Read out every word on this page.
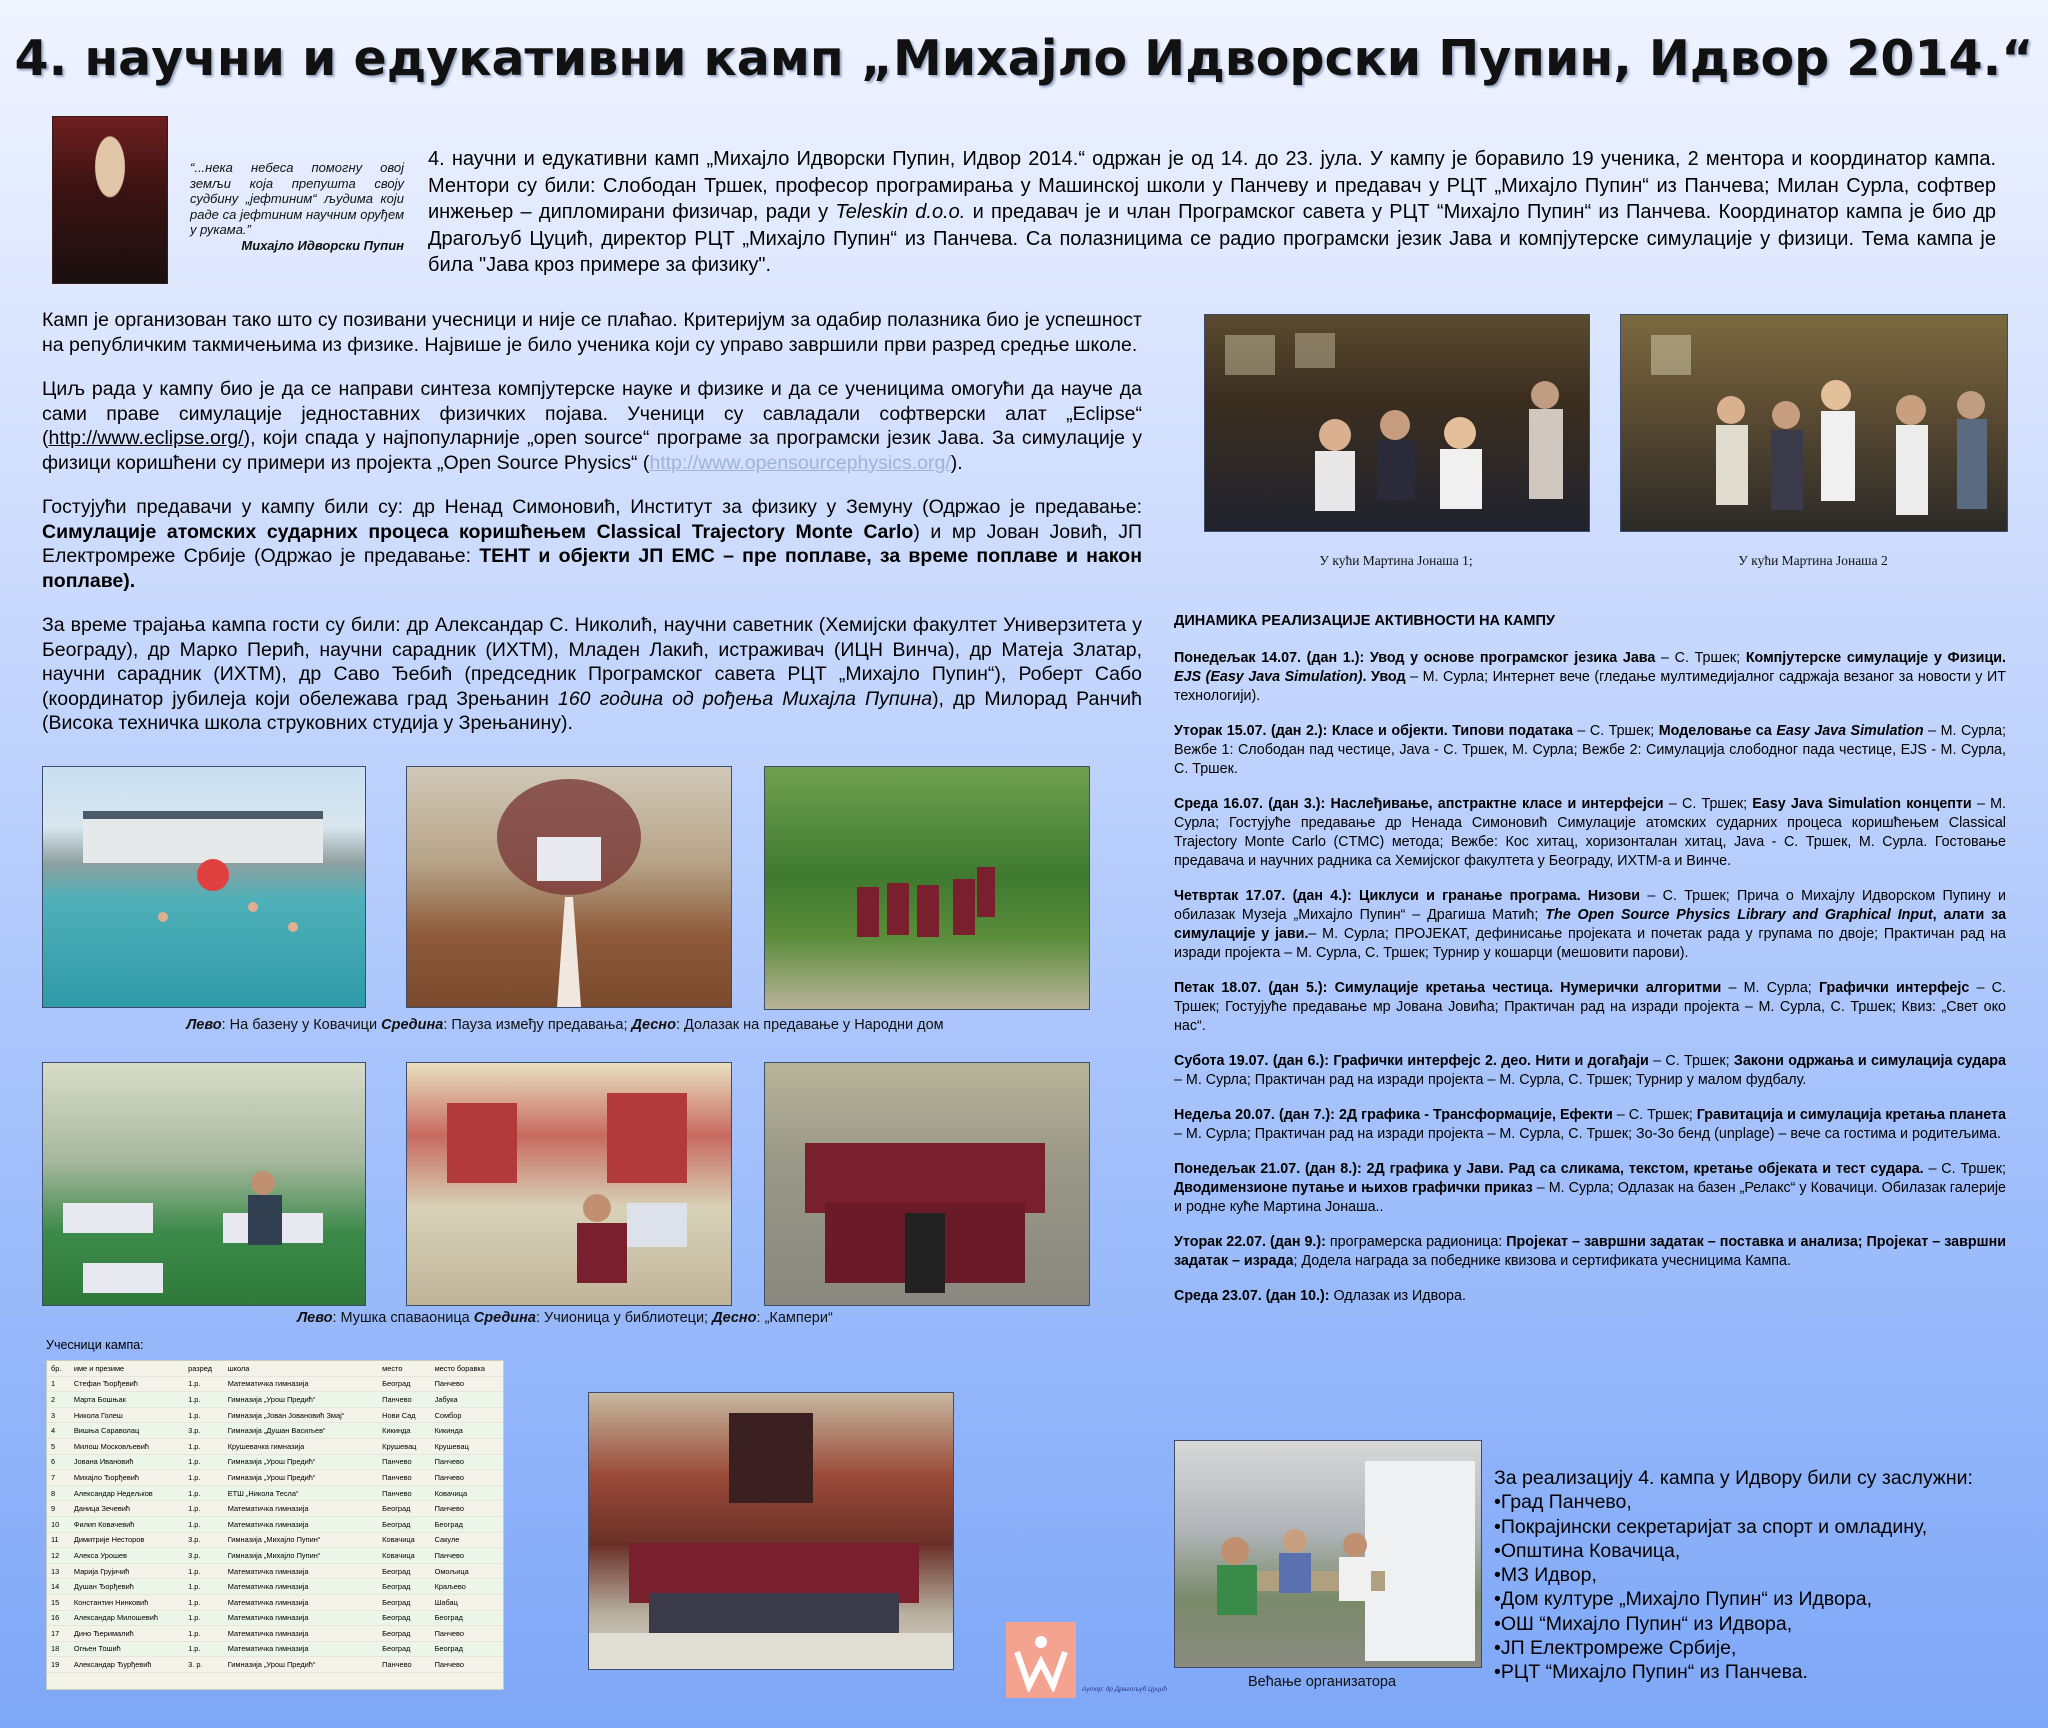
4. научни и едукативни камп „Михајло Идворски Пупин, Идвор 2014.“
“...нека небеса помогну овој земљи која препушта своју судбину „јефтиним“ људима који раде са јефтиним научним оруђем у рукама.”
Михајло Идворски Пупин
4. научни и едукативни камп „Михајло Идворски Пупин, Идвор 2014.“ одржан је од 14. до 23. јула. У кампу је боравило 19 ученика, 2 ментора и координатор кампа. Ментори су били: Слободан Тршек, професор програмирања у Машинској школи у Панчеву и предавач у РЦТ „Михајло Пупин“ из Панчева; Милан Сурла, софтвер инжењер – дипломирани физичар, ради у Teleskin d.o.o. и предавач је и члан Програмског савета у РЦТ “Михајло Пупин“ из Панчева. Координатор кампа је био др Драгољуб Цуцић, директор РЦТ „Михајло Пупин“ из Панчева. Са полазницима се радио програмски језик Јава и компјутерске симулације у физици. Тема кампа је била "Јава кроз примере за физику".

Камп је организован тако што су позивани учесници и није се плаћао. Критеријум за одабир полазника био је успешност на републичким такмичењима из физике. Највише је било ученика који су управо завршили први разред средње школе.

Циљ рада у кампу био је да се направи синтеза компјутерске науке и физике и да се ученицима омогући да науче да сами праве симулације једноставних физичких појава. Ученици су савладали софтверски алат „Eclipse“ (http://www.eclipse.org/), који спада у најпопуларније „open source“ програме за програмски језик Јава. За симулације у физици коришћени су примери из пројекта „Open Source Physics“ (http://www.opensourcephysics.org/).

Гостујући предавачи у кампу били су: др Ненад Симоновић, Институт за физику у Земуну (Одржао је предавање: Симулације атомских сударних процеса коришћењем Classical Trajectory Monte Carlo) и мр Јован Јовић, ЈП Електромреже Србије (Одржао је предавање: ТЕНТ и објекти ЈП ЕМС – пре поплаве, за време поплаве и након поплаве).

За време трајања кампа гости су били: др Александар С. Николић, научни саветник (Хемијски факултет Универзитета у Београду), др Марко Перић, научни сарадник (ИХТМ), Младен Лакић, истраживач (ИЦН Винча), др Матеја Златар, научни сарадник (ИХТМ), др Саво Ђебић (председник Програмског савета РЦТ „Михајло Пупин“), Роберт Сабо (координатор јубилеја који обележава град Зрењанин 160 година од рођења Михајла Пупина), др Милорад Ранчић (Висока техничка школа струковних студија у Зрењанину).

У кући Мартина Јонаша 1;	У кући Мартина Јонаша 2
ДИНАМИКА РЕАЛИЗАЦИЈЕ АКТИВНОСТИ НА КАМПУ
Понедељак 14.07. (дан 1.): Увод у основе програмског језика Јава – С. Тршек; Компјутерске симулације у Физици. EJS (Easy Java Simulation). Увод – М. Сурла; Интернет вече (гледање мултимедијалног садржаја везаног за новости у ИТ технологији).
Уторак 15.07. (дан 2.): Класе и објекти. Типови података – С. Тршек; Моделовање са Easy Java Simulation – М. Сурла; Вежбе 1: Слободан пад честице, Java - С. Тршек, М. Сурла; Вежбе 2: Симулација слободног пада честице, EJS - М. Сурла, С. Тршек.
Среда 16.07. (дан 3.): Наслеђивање, апстрактне класе и интерфејси – С. Тршек; Easy Java Simulation концепти – М. Сурла; Гостујуће предавање др Ненада Симоновић Симулације атомских сударних процеса коришћењем Classical Trajectory Monte Carlo (CTMC) метода; Вежбе: Кос хитац, хоризонталан хитац, Java - С. Тршек, М. Сурла. Гостовање предавача и научних радника са Хемијског факултета у Београду, ИХТМ-а и Винче.
Четвртак 17.07. (дан 4.): Циклуси и гранање програма. Низови – С. Тршек; Прича о Михајлу Идворском Пупину и обилазак Музеја „Михајло Пупин“ – Драгиша Матић; The Open Source Physics Library and Graphical Input, алати за симулације у јави.– М. Сурла; ПРОЈЕКАТ, дефинисање пројеката и почетак рада у групама по двоје; Практичан рад на изради пројекта – М. Сурла, С. Тршек; Турнир у кошарци (мешовити парови).
Петак 18.07. (дан 5.): Симулације кретања честица. Нумерички алгоритми – М. Сурла; Графички интерфејс – С. Тршек; Гостујуће предавање мр Јована Јовића; Практичан рад на изради пројекта – М. Сурла, С. Тршек; Квиз: „Свет око нас“.
Субота 19.07. (дан 6.): Графички интерфејс 2. део. Нити и догађаји – С. Тршек; Закони одржања и симулација судара – М. Сурла; Практичан рад на изради пројекта – М. Сурла, С. Тршек; Турнир у малом фудбалу.
Недеља 20.07. (дан 7.): 2Д графика - Трансформације, Ефекти – С. Тршек; Гравитација и симулација кретања планета – М. Сурла; Практичан рад на изради пројекта – М. Сурла, С. Тршек; Зо-Зо бенд (unplage) – вече са гостима и родитељима.
Понедељак 21.07. (дан 8.): 2Д графика у Јави. Рад са сликама, текстом, кретање објеката и тест судара. – С. Тршек; Дводимензионе путање и њихов графички приказ – М. Сурла; Одлазак на базен „Релакс“ у Ковачици. Обилазак галерије и родне куће Мартина Јонаша..
Уторак 22.07. (дан 9.): програмерска радионица: Пројекат – завршни задатак – поставка и анализа; Пројекат – завршни задатак – израда; Додела награда за победнике квизова и сертификата учесницима Кампа.
Среда 23.07. (дан 10.): Одлазак из Идвора.
Лево: На базену у Ковачици Средина: Пауза између предавања; Десно: Долазак на предавање у Народни дом
Лево: Мушка спаваоница Средина: Учионица у библиотеци; Десно: „Кампери“
Учесници кампа:
бр.	име и презиме	разред	школа	место	место боравка
1	Стефан Ђорђевић	1.р.	Математичка гимназија	Београд	Панчево
2	Марта Бошњак	1.р.	Гимназија „Урош Предић“	Панчево	Јабука
3	Никола Голеш	1.р.	Гимназија „Јован Јовановић Змај“	Нови Сад	Сомбор
4	Вишња Сараволац	3.р.	Гимназија „Душан Васиљев“	Кикинда	Кикинда
5	Милош Московљевић	1.р.	Крушевачка гимназија	Крушевац	Крушевац
6	Јована Ивановић	1.р.	Гимназија „Урош Предић“	Панчево	Панчево
7	Михајло Ђорђевић	1.р.	Гимназија „Урош Предић“	Панчево	Панчево
8	Александар Недељков	1.р.	ЕТШ „Никола Тесла“	Панчево	Ковачица
9	Даница Зечевић	1.р.	Математичка гимназија	Београд	Панчево
10	Филип Ковачевић	1.р.	Математичка гимназија	Београд	Београд
11	Димитрије Несторов	3.р.	Гимназија „Михајло Пупин“	Ковачица	Сакуле
12	Алекса Урошев	3.р.	Гимназија „Михајло Пупин“	Ковачица	Панчево
13	Марија Грујичић	1.р.	Математичка гимназија	Београд	Омољица
14	Душан Ђорђевић	1.р.	Математичка гимназија	Београд	Краљево
15	Константин Нинковић	1.р.	Математичка гимназија	Београд	Шабац
16	Александар Милошевић	1.р.	Математичка гимназија	Београд	Београд
17	Дино Ђерималић	1.р.	Математичка гимназија	Београд	Панчево
18	Огњен Тошић	1.р.	Математичка гимназија	Београд	Београд
19	Александар Ђурђевић	3. р.	Гимназија „Урош Предић“	Панчево	Панчево
Аутор: др Драгољуб Цуцић	Већање организатора
За реализацију 4. кампа у Идвору били су заслужни:
•Град Панчево,
•Покрајински секретаријат за спорт и омладину,
•Општина Ковачица,
•МЗ Идвор,
•Дом културе „Михајло Пупин“ из Идвора,
•ОШ “Михајло Пупин“ из Идвора,
•ЈП Електромреже Србије,
•РЦТ “Михајло Пупин“ из Панчева.
